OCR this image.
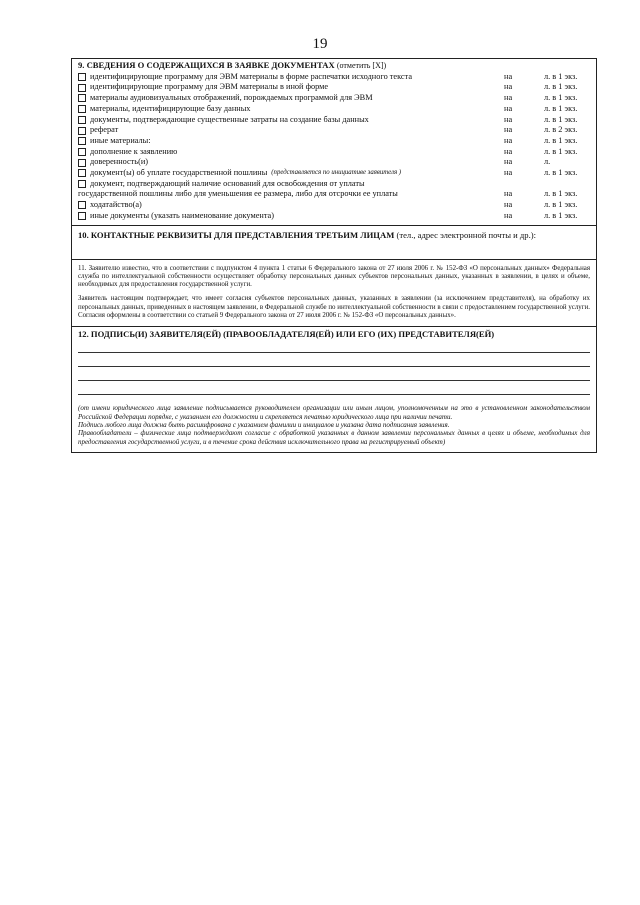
19
9. СВЕДЕНИЯ О СОДЕРЖАЩИХСЯ В ЗАЯВКЕ ДОКУМЕНТАХ (отметить [X])
идентифицирующие программу для ЭВМ материалы в форме распечатки исходного текста	на	л. в 1 экз.
идентифицирующие программу для ЭВМ материалы в иной форме	на	л. в 1 экз.
материалы аудиовизуальных отображений, порождаемых программой для ЭВМ	на	л. в 1 экз.
материалы, идентифицирующие базу данных	на	л. в 1 экз.
документы, подтверждающие существенные затраты на создание базы данных	на	л. в 1 экз.
реферат	на	л. в 2 экз.
иные материалы:	на	л. в 1 экз.
дополнение к заявлению	на	л. в 1 экз.
доверенность(и)	на	л.
документ(ы) об уплате государственной пошлины (представляется по инициативе заявителя )	на	л. в 1 экз.
документ, подтверждающий наличие оснований для освобождения от уплаты
государственной пошлины либо для уменьшения ее размера, либо для отсрочки ее уплаты	на	л. в 1 экз.
ходатайство(а)	на	л. в 1 экз.
иные документы (указать наименование документа)	на	л. в 1 экз.
10. КОНТАКТНЫЕ РЕКВИЗИТЫ ДЛЯ ПРЕДСТАВЛЕНИЯ ТРЕТЬИМ ЛИЦАМ (тел., адрес электронной почты и др.):

11. Заявителю известно, что в соответствии с подпунктом 4 пункта 1 статьи 6 Федерального закона от 27 июля 2006 г. № 152-ФЗ «О персональных данных» Федеральная служба по интеллектуальной собственности осуществляет обработку персональных данных субъектов персональных данных, указанных в заявлении, в целях и объеме, необходимых для предоставления государственной услуги.

Заявитель настоящим подтверждает, что имеет согласия субъектов персональных данных, указанных в заявлении (за исключением представителя), на обработку их персональных данных, приведенных в настоящем заявлении, в Федеральной службе по интеллектуальной собственности в связи с предоставлением государственной услуги. Согласия оформлены в соответствии со статьей 9 Федерального закона от 27 июля 2006 г. № 152-ФЗ «О персональных данных».

12. ПОДПИСЬ(И) ЗАЯВИТЕЛЯ(ЕЙ) (ПРАВООБЛАДАТЕЛЯ(ЕЙ) ИЛИ ЕГО (ИХ) ПРЕДСТАВИТЕЛЯ(ЕЙ)

(от имени юридического лица заявление подписывается руководителем организации или иным лицом, уполномоченным на это в установленном законодательством Российской Федерации порядке, с указанием его должности и скрепляется печатью юридического лица при наличии печати.

Подпись любого лица должна быть расшифрована с указанием фамилии и инициалов и указана дата подписания заявления.

Правообладатели – физические лица подтверждают согласие с обработкой указанных в данном заявлении персональных данных в целях и объеме, необходимых для предоставления государственной услуги, и в течение срока действия исключительного права на регистрируемый объект)
